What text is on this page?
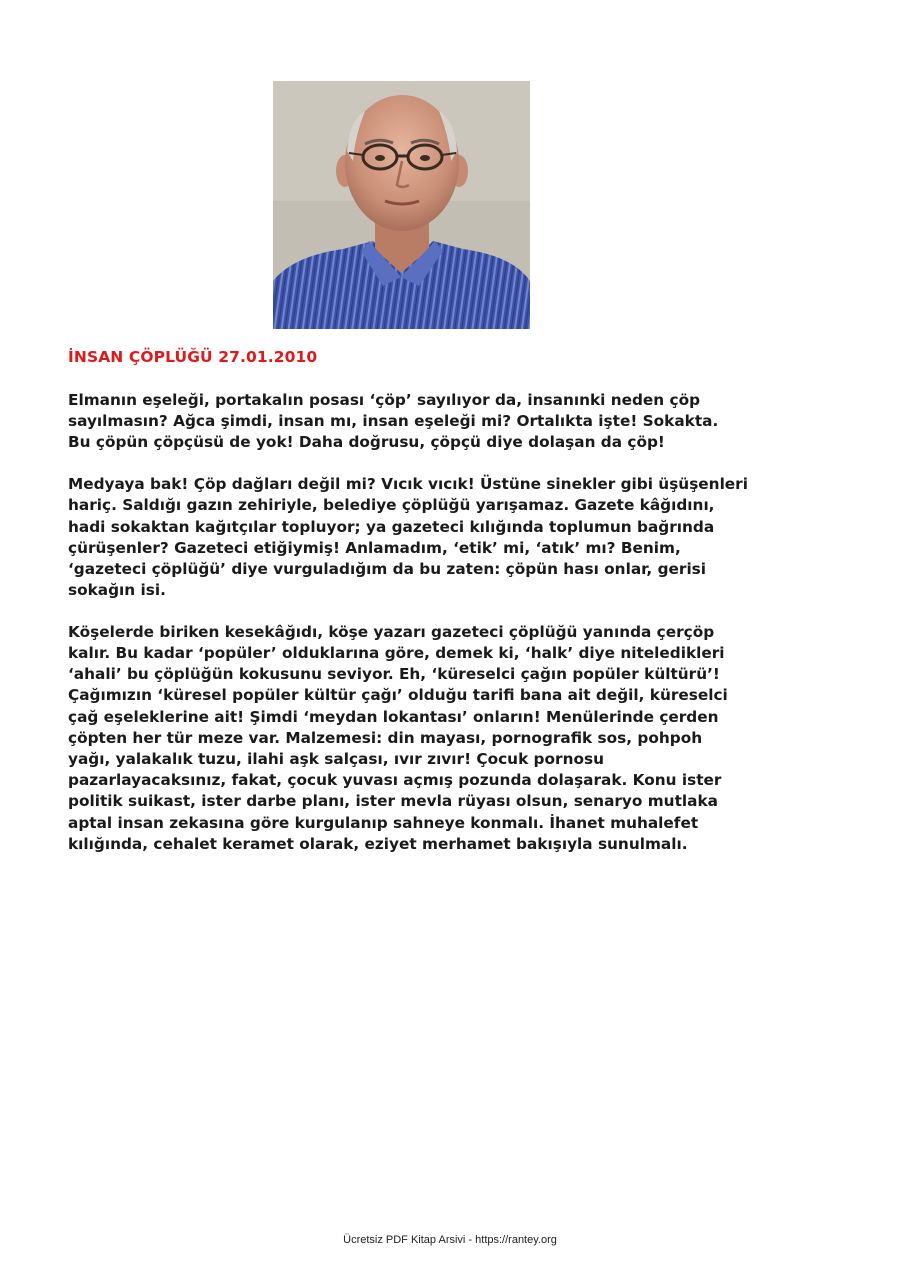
İNSAN ÇÖPLÜĞÜ 27.01.2010

Elmanın eşeleği, portakalın posası ‘çöp’ sayılıyor da, insanınki neden çöp
sayılmasın? Ağca şimdi, insan mı, insan eşeleği mi? Ortalıkta işte! Sokakta.
Bu çöpün çöpçüsü de yok! Daha doğrusu, çöpçü diye dolaşan da çöp!

Medyaya bak! Çöp dağları değil mi? Vıcık vıcık! Üstüne sinekler gibi üşüşenleri
hariç. Saldığı gazın zehiriyle, belediye çöplüğü yarışamaz. Gazete kâğıdını,
hadi sokaktan kağıtçılar topluyor; ya gazeteci kılığında toplumun bağrında
çürüşenler? Gazeteci etiğiymiş! Anlamadım, ‘etik’ mi, ‘atık’ mı? Benim,
‘gazeteci çöplüğü’ diye vurguladığım da bu zaten: çöpün hası onlar, gerisi
sokağın isi.

Köşelerde biriken kesekâğıdı, köşe yazarı gazeteci çöplüğü yanında çerçöp
kalır. Bu kadar ‘popüler’ olduklarına göre, demek ki, ‘halk’ diye nitelediklerі
‘ahali’ bu çöplüğün kokusunu seviyor. Eh, ‘küreselci çağın popüler kültürü’!
Çağımızın ‘küresel popüler kültür çağı’ olduğu tarifi bana ait değil, küreselci
çağ eşeleklerine ait! Şimdi ‘meydan lokantası’ onların! Menülerinde çerden
çöpten her tür meze var. Malzemesi: din mayası, pornografik sos, pohpoh
yağı, yalakalık tuzu, ilahi aşk salçası, ıvır zıvır! Çocuk pornosu
pazarlayacaksınız, fakat, çocuk yuvası açmış pozunda dolaşarak. Konu ister
politik suikast, ister darbe planı, ister mevla rüyası olsun, senaryo mutlaka
aptal insan zekasına göre kurgulanıp sahneye konmalı. İhanet muhalefet
kılığında, cehalet keramet olarak, eziyet merhamet bakışıyla sunulmalı.

Ücretsiz PDF Kitap Arsivi - https://rantey.org
